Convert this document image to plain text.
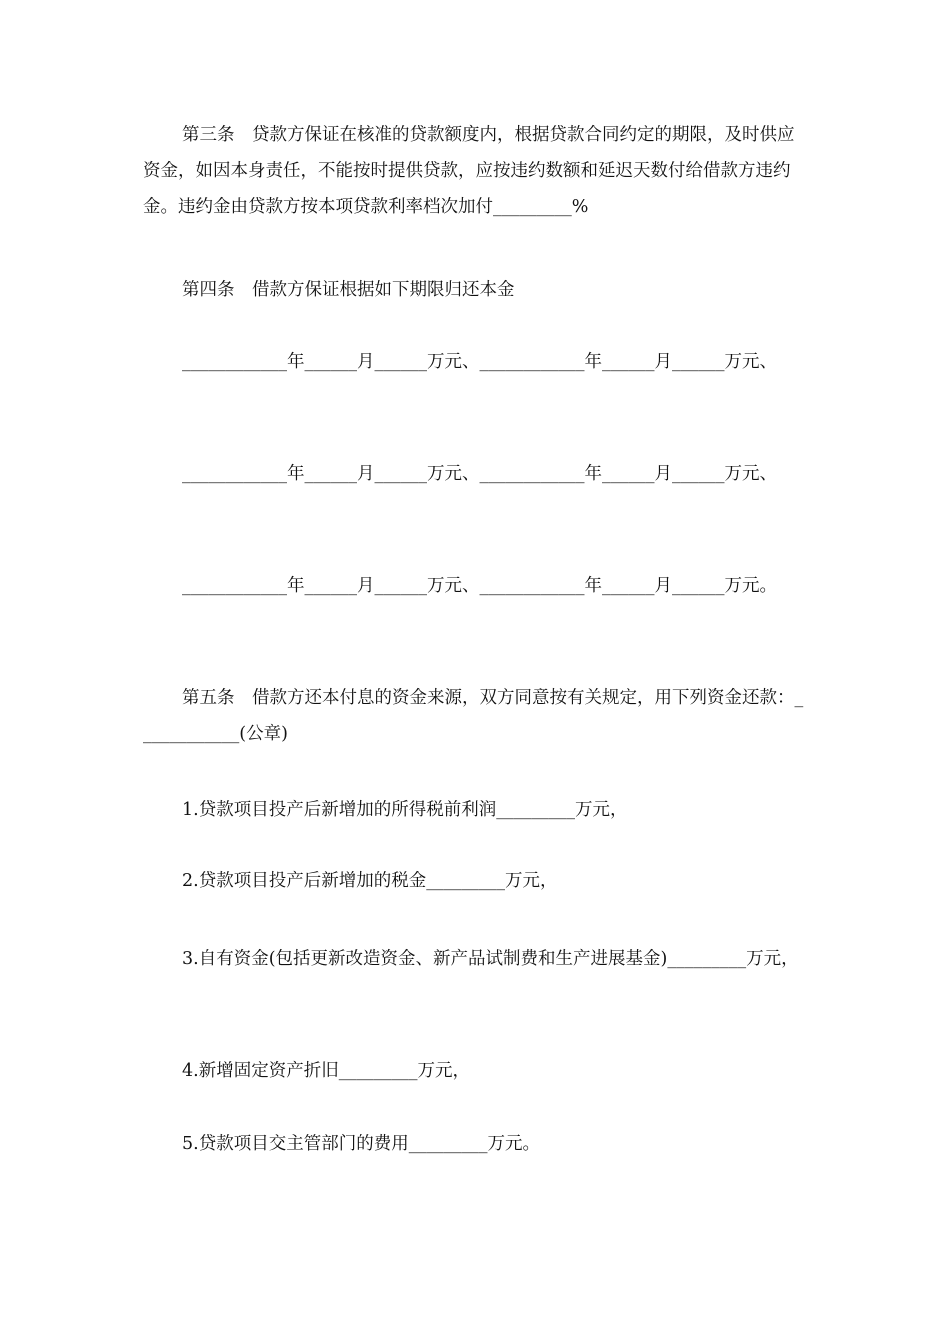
第三条　贷款方保证在核准的贷款额度内，根据贷款合同约定的期限，及时供应资金，如因本身责任，不能按时提供贷款，应按违约数额和延迟天数付给借款方违约金。违约金由贷款方按本项贷款利率档次加付_________%

第四条　借款方保证根据如下期限归还本金

____________年______月______万元、____________年______月______万元、

____________年______月______万元、____________年______月______万元、

____________年______月______万元、____________年______月______万元。

第五条　借款方还本付息的资金来源，双方同意按有关规定，用下列资金还款：____________(公章)

1.贷款项目投产后新增加的所得税前利润_________万元，

2.贷款项目投产后新增加的税金_________万元，

3.自有资金(包括更新改造资金、新产品试制费和生产进展基金)_________万元，

4.新增固定资产折旧_________万元，

5.贷款项目交主管部门的费用_________万元。
